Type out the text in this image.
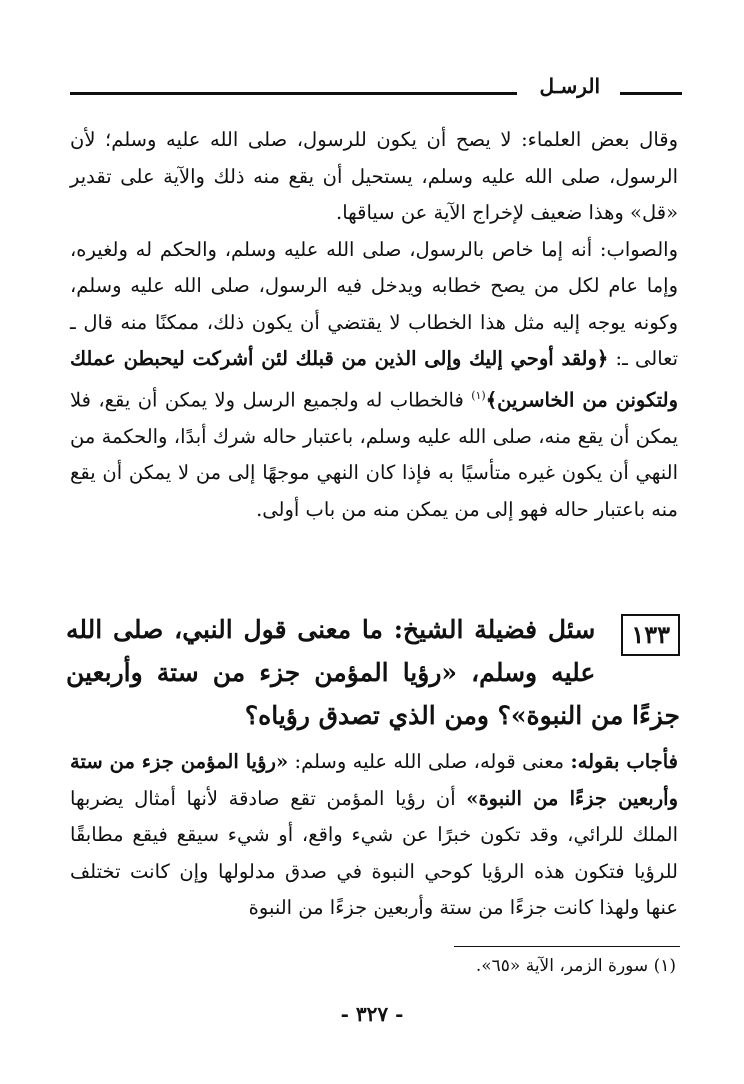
الرسـل

وقال بعض العلماء: لا يصح أن يكون للرسول، صلى الله عليه وسلم؛ لأن الرسول، صلى الله عليه وسلم، يستحيل أن يقع منه ذلك والآية على تقدير «قل» وهذا ضعيف لإخراج الآية عن سياقها.

والصواب: أنه إما خاص بالرسول، صلى الله عليه وسلم، والحكم له ولغيره، وإما عام لكل من يصح خطابه ويدخل فيه الرسول، صلى الله عليه وسلم، وكونه يوجه إليه مثل هذا الخطاب لا يقتضي أن يكون ذلك، ممكنًا منه قال ـ تعالى ـ: ﴿ولقد أوحي إليك وإلى الذين من قبلك لئن أشركت ليحبطن عملك ولتكونن من الخاسرين﴾$^{(١)}$ فالخطاب له ولجميع الرسل ولا يمكن أن يقع، فلا يمكن أن يقع منه، صلى الله عليه وسلم، باعتبار حاله شرك أبدًا، والحكمة من النهي أن يكون غيره متأسيًا به فإذا كان النهي موجهًا إلى من لا يمكن أن يقع منه باعتبار حاله فهو إلى من يمكن منه من باب أولى.

١٣٣

سئل فضيلة الشيخ: ما معنى قول النبي، صلى الله عليه وسلم، «رؤيا المؤمن جزء من ستة وأربعين جزءًا من النبوة»؟ ومن الذي تصدق رؤياه؟

فأجاب بقوله: معنى قوله، صلى الله عليه وسلم: «رؤيا المؤمن جزء من ستة وأربعين جزءًا من النبوة» أن رؤيا المؤمن تقع صادقة لأنها أمثال يضربها الملك للرائي، وقد تكون خبرًا عن شيء واقع، أو شيء سيقع فيقع مطابقًا للرؤيا فتكون هذه الرؤيا كوحي النبوة في صدق مدلولها وإن كانت تختلف عنها ولهذا كانت جزءًا من ستة وأربعين جزءًا من النبوة

(١) سورة الزمر، الآية «٦٥».
- ٣٢٧ -
